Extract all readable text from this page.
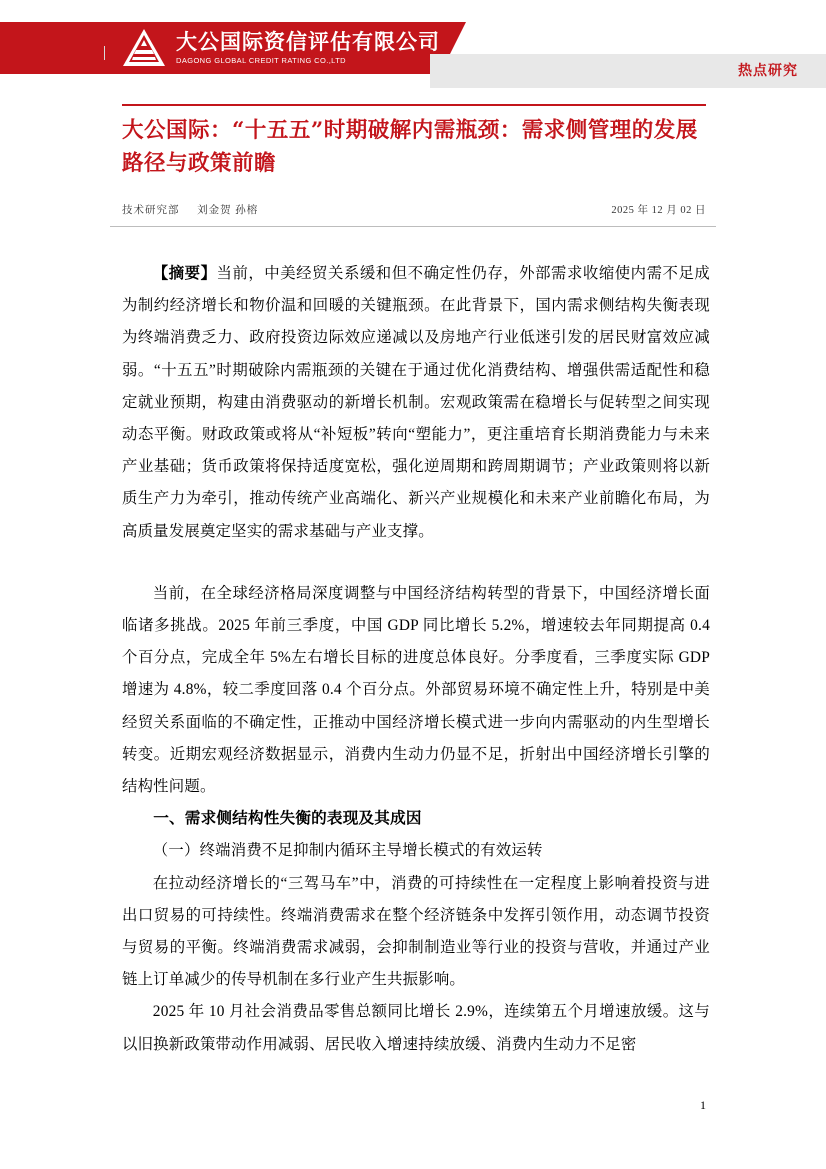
大公国际资信评估有限公司
DAGONG GLOBAL CREDIT RATING CO.,LTD
热点研究
大公国际：“十五五”时期破解内需瓶颈：需求侧管理的发展路径与政策前瞻
技术研究部 刘金贺 孙榕	2025 年 12 月 02 日

【摘要】当前，中美经贸关系缓和但不确定性仍存，外部需求收缩使内需不足成为制约经济增长和物价温和回暖的关键瓶颈。在此背景下，国内需求侧结构失衡表现为终端消费乏力、政府投资边际效应递减以及房地产行业低迷引发的居民财富效应减弱。“十五五”时期破除内需瓶颈的关键在于通过优化消费结构、增强供需适配性和稳定就业预期，构建由消费驱动的新增长机制。宏观政策需在稳增长与促转型之间实现动态平衡。财政政策或将从“补短板”转向“塑能力”，更注重培育长期消费能力与未来产业基础；货币政策将保持适度宽松，强化逆周期和跨周期调节；产业政策则将以新质生产力为牵引，推动传统产业高端化、新兴产业规模化和未来产业前瞻化布局，为高质量发展奠定坚实的需求基础与产业支撑。

当前，在全球经济格局深度调整与中国经济结构转型的背景下，中国经济增长面临诸多挑战。2025 年前三季度，中国 GDP 同比增长 5.2%，增速较去年同期提高 0.4 个百分点，完成全年 5%左右增长目标的进度总体良好。分季度看，三季度实际 GDP 增速为 4.8%，较二季度回落 0.4 个百分点。外部贸易环境不确定性上升，特别是中美经贸关系面临的不确定性，正推动中国经济增长模式进一步向内需驱动的内生型增长转变。近期宏观经济数据显示，消费内生动力仍显不足，折射出中国经济增长引擎的结构性问题。

一、需求侧结构性失衡的表现及其成因
（一）终端消费不足抑制内循环主导增长模式的有效运转

在拉动经济增长的“三驾马车”中，消费的可持续性在一定程度上影响着投资与进出口贸易的可持续性。终端消费需求在整个经济链条中发挥引领作用，动态调节投资与贸易的平衡。终端消费需求减弱，会抑制制造业等行业的投资与营收，并通过产业链上订单减少的传导机制在多行业产生共振影响。

2025 年 10 月社会消费品零售总额同比增长 2.9%，连续第五个月增速放缓。这与以旧换新政策带动作用减弱、居民收入增速持续放缓、消费内生动力不足密

1
